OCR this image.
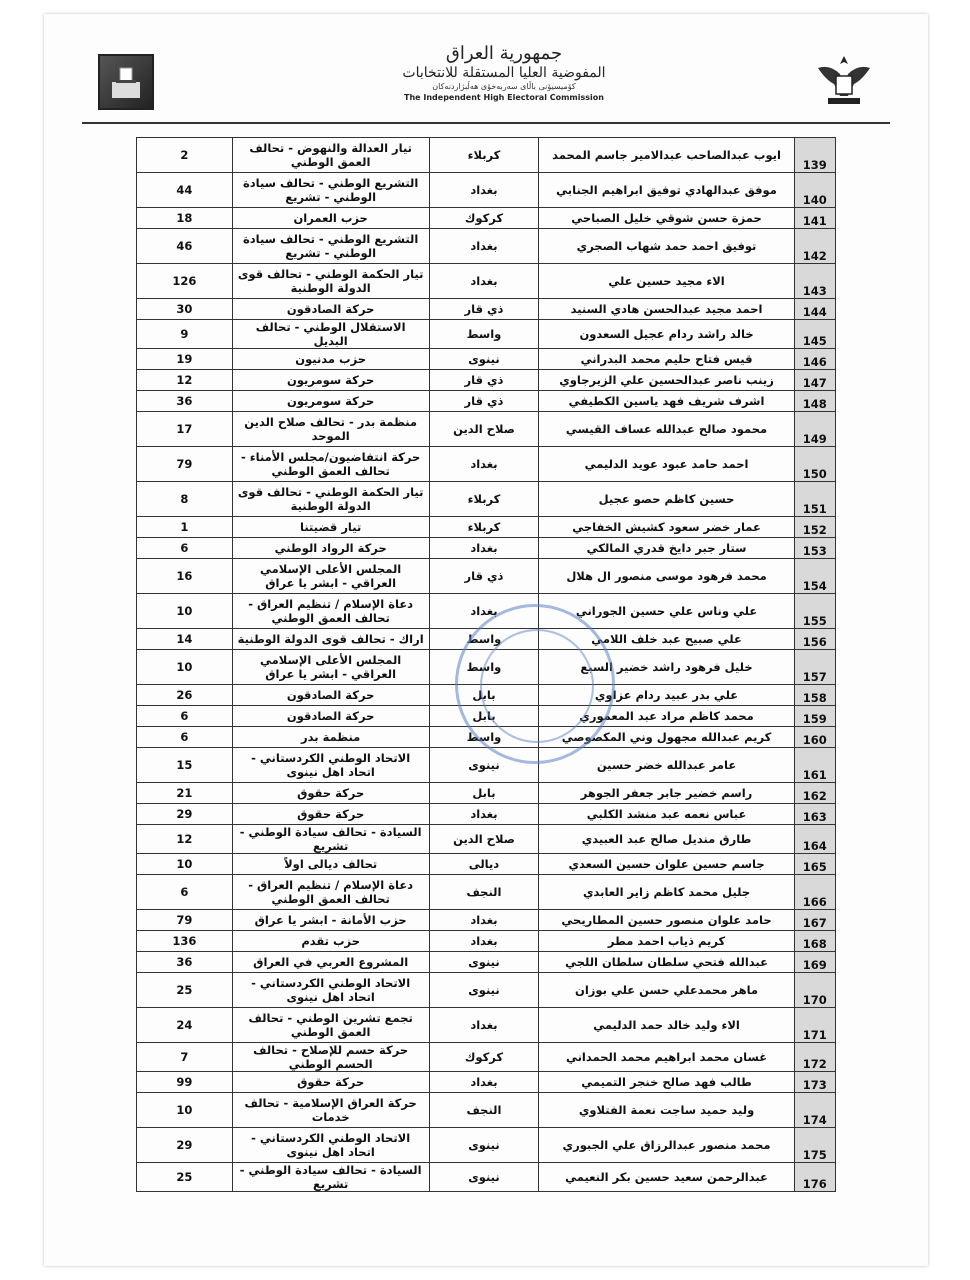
جمهورية العراق
المفوضية العليا المستقلة للانتخابات
کۆمیسیۆنی باڵای سەربەخۆی هەڵبژاردنەکان
The Independent High Electoral Commission
2	تيار العدالة والنهوض - تحالف العمق الوطني	كربلاء	ايوب عبدالصاحب عبدالامير جاسم المحمد	139
44	التشريع الوطني - تحالف سيادة الوطني - تشريع	بغداد	موفق عبدالهادي توفيق ابراهيم الجنابي	140
18	حزب العمران	كركوك	حمزة حسن شوقي خليل الصباحي	141
46	التشريع الوطني - تحالف سيادة الوطني - تشريع	بغداد	توفيق احمد حمد شهاب الصجري	142
126	تيار الحكمة الوطني - تحالف قوى الدولة الوطنية	بغداد	الاء مجيد حسين علي	143
30	حركة الصادقون	ذي قار	احمد مجيد عبدالحسن هادي السنيد	144
9	الاستقلال الوطني - تحالف البديل	واسط	خالد راشد ردام عجيل السعدون	145
19	حزب مدنيون	نينوى	قيس فتاح حليم محمد البدراني	146
12	حركة سومريون	ذي قار	زينب ناصر عبدالحسين علي الزيرجاوي	147
36	حركة سومريون	ذي قار	اشرف شريف فهد ياسين الكطيفي	148
17	منظمة بدر - تحالف صلاح الدين الموحد	صلاح الدين	محمود صالح عبدالله عساف القيسي	149
79	حركة انتفاضيون/مجلس الأمناء - تحالف العمق الوطني	بغداد	احمد حامد عبود عويد الدليمي	150
8	تيار الحكمة الوطني - تحالف قوى الدولة الوطنية	كربلاء	حسين كاظم حصو عجيل	151
1	تيار قضيتنا	كربلاء	عمار خضر سعود كشيش الخفاجي	152
6	حركة الرواد الوطني	بغداد	ستار جبر دايخ قدري المالكي	153
16	المجلس الأعلى الإسلامي العراقي - ابشر يا عراق	ذي قار	محمد فرهود موسى منصور ال هلال	154
10	دعاة الإسلام / تنظيم العراق - تحالف العمق الوطني	بغداد	علي وناس علي حسين الجوراني	155
14	اراك - تحالف قوى الدولة الوطنية	واسط	علي صبيح عبد خلف اللامي	156
10	المجلس الأعلى الإسلامي العراقي - ابشر يا عراق	واسط	خليل فرهود راشد خضير السبع	157
26	حركة الصادقون	بابل	علي بدر عبيد ردام عزاوي	158
6	حركة الصادقون	بابل	محمد كاظم مراد عبد المعموري	159
6	منظمة بدر	واسط	كريم عبدالله مجهول وني المكصوصي	160
15	الاتحاد الوطني الكردستاني - اتحاد اهل نينوى	نينوى	عامر عبدالله خضر حسين	161
21	حركة حقوق	بابل	راسم خضير جابر جعفر الجوهر	162
29	حركة حقوق	بغداد	عباس نعمه عبد منشد الكلبي	163
12	السيادة - تحالف سيادة الوطني - تشريع	صلاح الدين	طارق منديل صالح عبد العبيدي	164
10	تحالف ديالى اولاً	ديالى	جاسم حسين علوان حسين السعدي	165
6	دعاة الإسلام / تنظيم العراق - تحالف العمق الوطني	النجف	جليل محمد كاظم زاير العابدي	166
79	حزب الأمانة - ابشر يا عراق	بغداد	حامد علوان منصور حسين المطاريحي	167
136	حزب تقدم	بغداد	كريم ذياب احمد مطر	168
36	المشروع العربي في العراق	نينوى	عبدالله فتحي سلطان سلطان اللجي	169
25	الاتحاد الوطني الكردستاني - اتحاد اهل نينوى	نينوى	ماهر محمدعلي حسن علي بوزان	170
24	تجمع تشرين الوطني - تحالف العمق الوطني	بغداد	الاء وليد خالد حمد الدليمي	171
7	حركة حسم للإصلاح - تحالف الحسم الوطني	كركوك	غسان محمد ابراهيم محمد الحمداني	172
99	حركة حقوق	بغداد	طالب فهد صالح خنجر التميمي	173
10	حركة العراق الإسلامية - تحالف خدمات	النجف	وليد حميد ساجت نعمة الفتلاوي	174
29	الاتحاد الوطني الكردستاني - اتحاد اهل نينوى	نينوى	محمد منصور عبدالرزاق علي الجبوري	175
25	السيادة - تحالف سيادة الوطني - تشريع	نينوى	عبدالرحمن سعيد حسين بكر النعيمي	176
